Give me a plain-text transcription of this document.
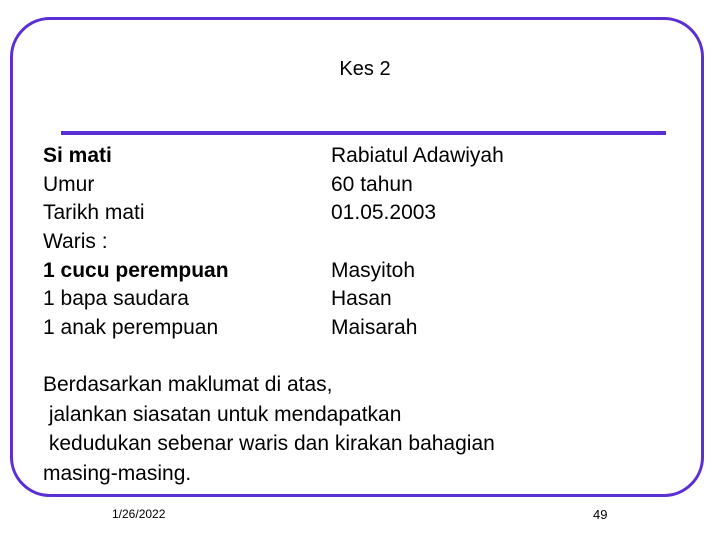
Kes 2
Si mati
Umur
Tarikh mati
Waris :
1 cucu perempuan
1 bapa saudara
1 anak perempuan
Rabiatul Adawiyah
60 tahun
01.05.2003
Masyitoh
Hasan
Maisarah
Berdasarkan maklumat di atas,
jalankan siasatan untuk mendapatkan
kedudukan sebenar waris dan kirakan bahagian
masing-masing.
1/26/2022	49
